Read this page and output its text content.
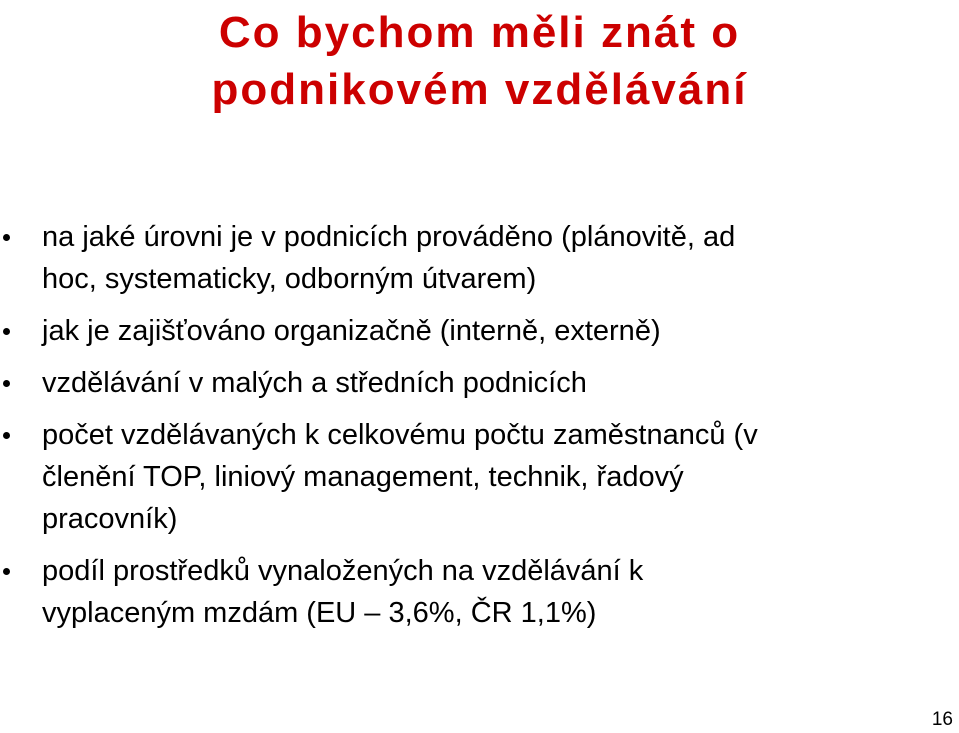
Co bychom měli znát o
podnikovém vzdělávání
na jaké úrovni je v podnicích prováděno (plánovitě, ad
hoc, systematicky, odborným útvarem)
jak je zajišťováno organizačně (interně, externě)
vzdělávání v malých a středních podnicích
počet vzdělávaných k celkovému počtu zaměstnanců (v
členění TOP, liniový management, technik, řadový
pracovník)
podíl prostředků vynaložených na vzdělávání k
vyplaceným mzdám (EU – 3,6%, ČR 1,1%)
16
